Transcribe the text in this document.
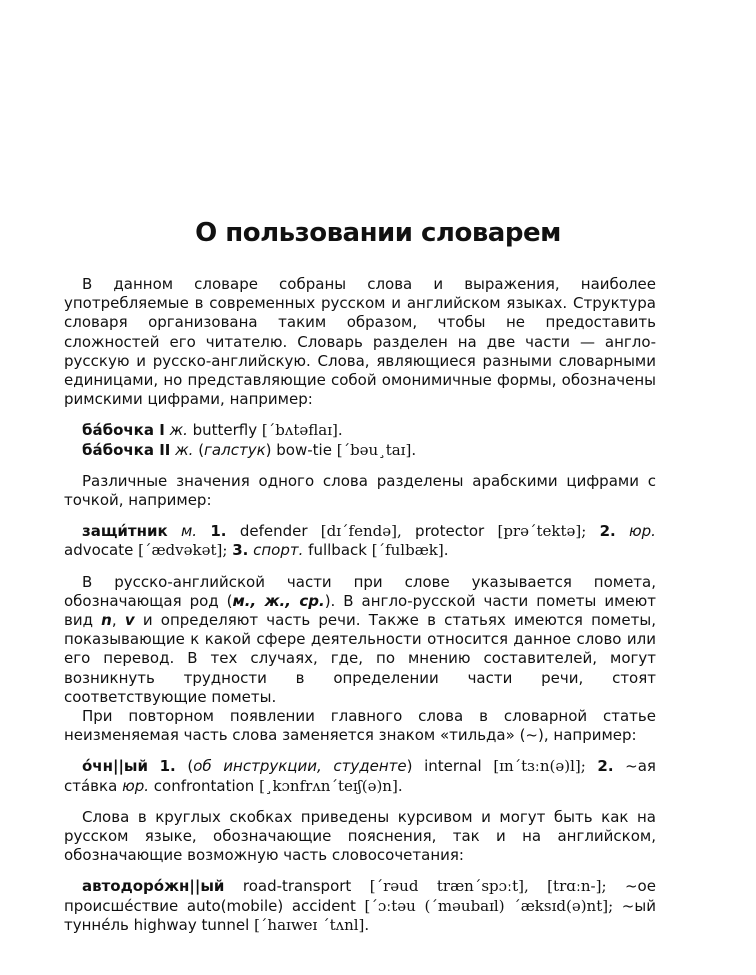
О пользовании словарем

В данном словаре собраны слова и выражения, наиболее употребляемые в современных русском и английском языках. Структура словаря организована таким образом, чтобы не предоставить сложностей его читателю. Словарь разделен на две части — англо-русскую и русско-английскую. Слова, являющиеся разными словарными единицами, но представляющие собой омонимичные формы, обозначены римскими цифрами, например:

ба́бочка I ж. butterfly [´bʌtəflaɪ].

ба́бочка II ж. (галстук) bow-tie [´bəu¸taɪ].

Различные значения одного слова разделены арабскими цифрами с точкой, например:

защи́тник м. 1. defender [dɪ´fendə], protector [prə´tektə]; 2. юр. advocate [´ædvəkət]; 3. спорт. fullback [´fulbæk].

В русско-английской части при слове указывается помета, обозначающая род (м., ж., ср.). В англо-русской части пометы имеют вид n, v и определяют часть речи. Также в статьях имеются пометы, показывающие к какой сфере деятельности относится данное слово или его перевод. В тех случаях, где, по мнению составителей, могут возникнуть трудности в определении части речи, стоят соответствующие пометы.

При повторном появлении главного слова в словарной статье неизменяемая часть слова заменяется знаком «тильда» (~), например:

о́чн||ый 1. (об инструкции, студенте) internal [ɪn´tɜːn(ə)l]; 2. ~ая ста́вка юр. confrontation [¸kɔnfrʌn´teɪʃ(ə)n].

Слова в круглых скобках приведены курсивом и могут быть как на русском языке, обозначающие пояснения, так и на английском, обозначающие возможную часть словосочетания:

автодоро́жн||ый road-transport [´rəud træn´spɔːt], [trɑːn-]; ~ое происше́ствие auto(mobile) accident [´ɔːtəu (´məubaɪl) ´æksɪd(ə)nt]; ~ый туннéль highway tunnel [´haɪweɪ ´tʌnl].
